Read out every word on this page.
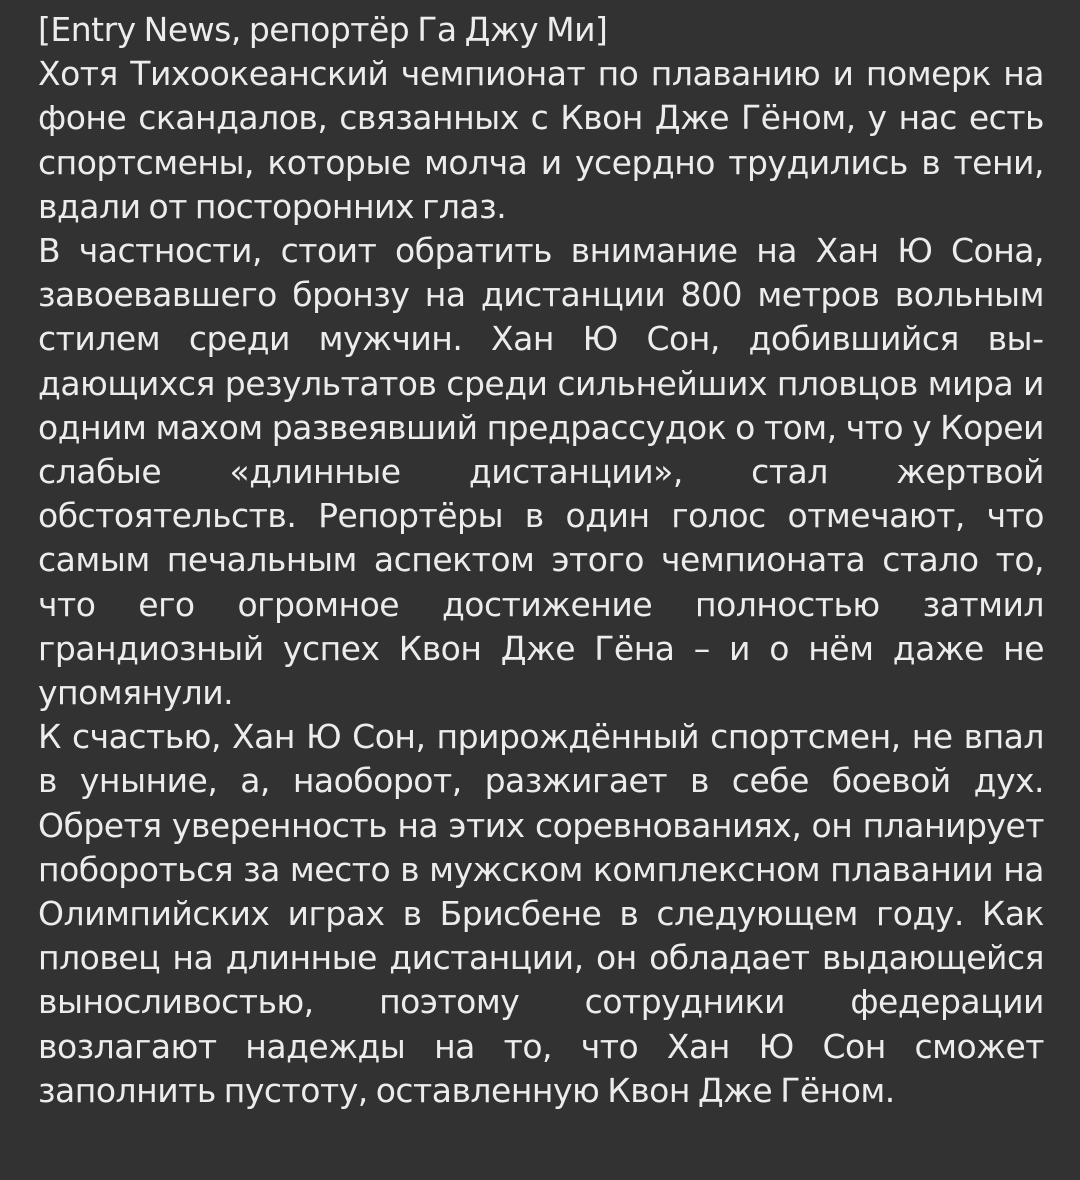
[Entry News, репортёр Га Джу Ми]

Хотя Тихоокеанский чемпионат по плаванию и померк на фоне скандалов, связанных с Квон Дже Гёном, у нас есть спортсмены, которые молча и усердно трудились в тени, вдали от посторонних глаз.

В частности, стоит обратить внимание на Хан Ю Сона, завоевавшего бронзу на дистанции 800 метров вольным стилем среди мужчин. Хан Ю Сон, добившийся выдающихся результатов среди сильнейших пловцов мира и одним махом развеявший предрассудок о том, что у Кореи слабые «длинные дистанции», стал жертвой обстоятельств. Репортёры в один голос отмечают, что самым печальным аспектом этого чемпионата стало то, что его огромное достижение полностью затмил грандиозный успех Квон Дже Гёна – и о нём даже не упомянули.

К счастью, Хан Ю Сон, прирождённый спортсмен, не впал в уныние, а, наоборот, разжигает в себе боевой дух. Обретя уверенность на этих соревнованиях, он планирует побороться за место в мужском комплексном плавании на Олимпийских играх в Брисбене в следующем году. Как пловец на длинные дистанции, он обладает выдающейся выносливостью, поэтому сотрудники федерации возлагают надежды на то, что Хан Ю Сон сможет заполнить пустоту, оставленную Квон Дже Гёном.
